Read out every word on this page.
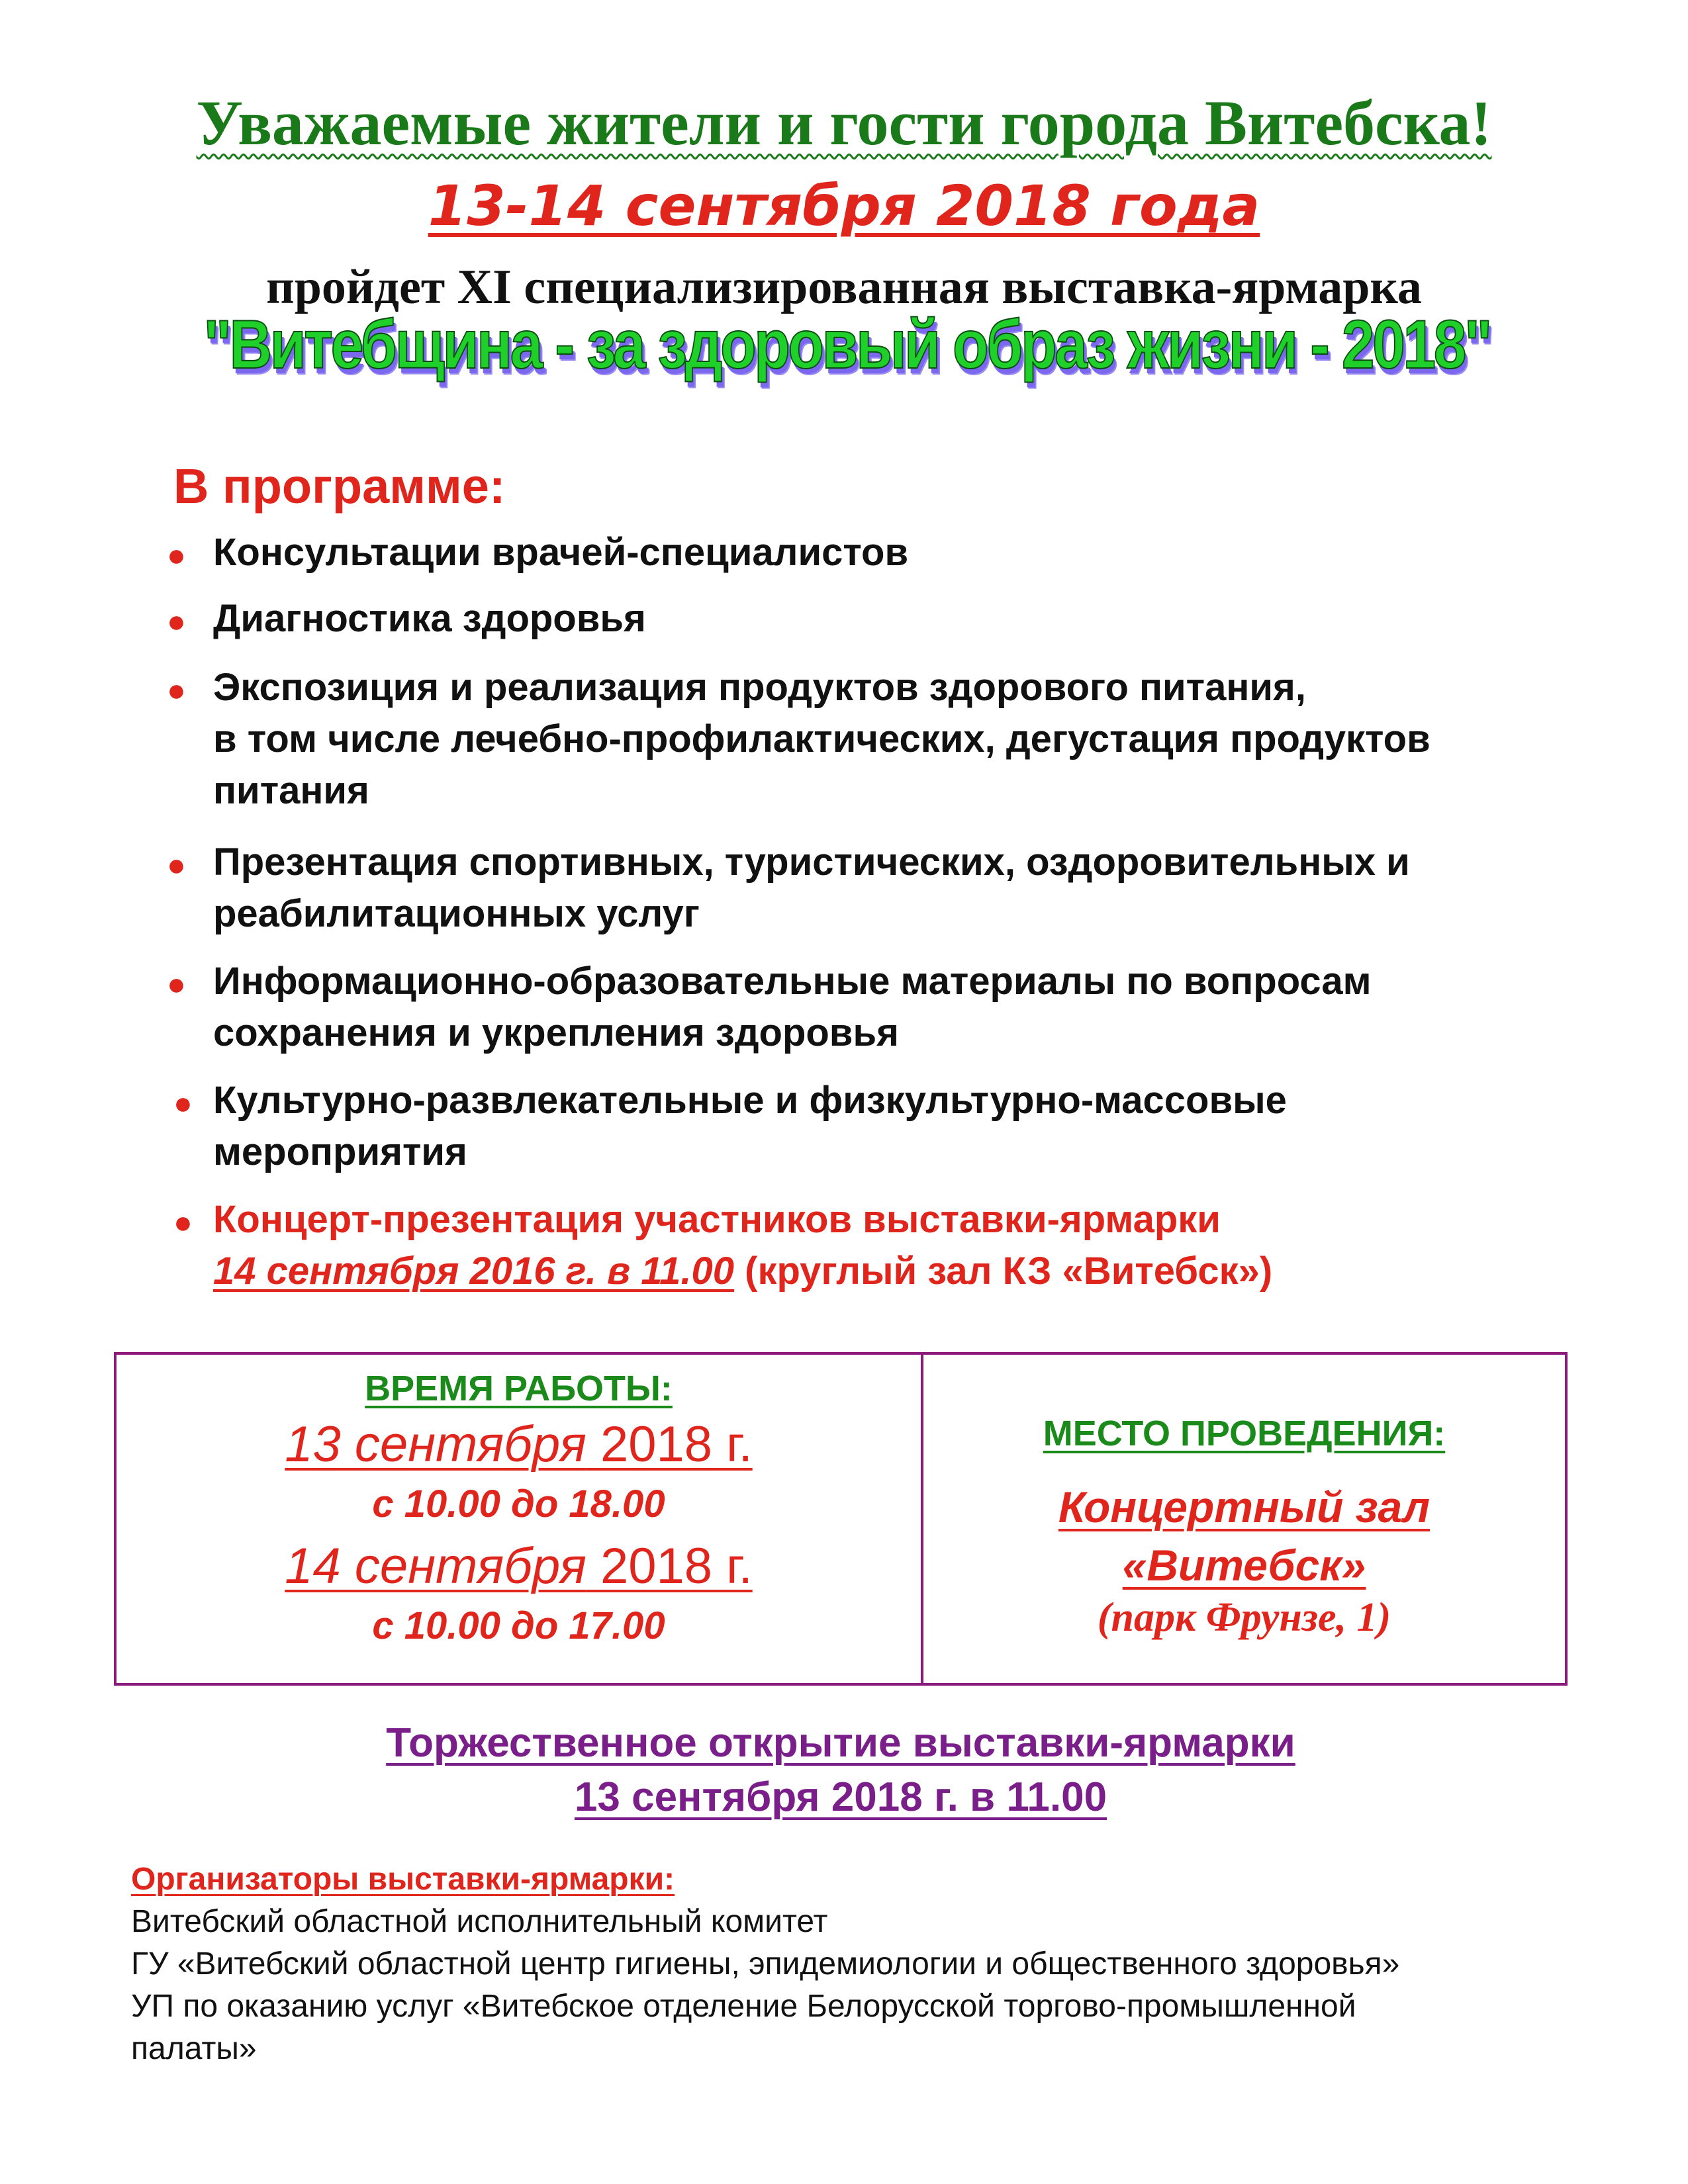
Уважаемые жители и гости города Витебска!
13-14 сентября 2018 года
пройдет XI специализированная выставка-ярмарка
"Витебщина - за здоровый образ жизни - 2018"
В программе:
● Консультации врачей-специалистов
● Диагностика здоровья
● Экспозиция и реализация продуктов здорового питания,
в том числе лечебно-профилактических, дегустация продуктов
питания
● Презентация спортивных, туристических, оздоровительных и
реабилитационных услуг
● Информационно-образовательные материалы по вопросам
сохранения и укрепления здоровья
● Культурно-развлекательные и физкультурно-массовые
мероприятия
● Концерт-презентация участников выставки-ярмарки
14 сентября 2016 г. в 11.00 (круглый зал КЗ «Витебск»)
ВРЕМЯ РАБОТЫ:
13 сентября 2018 г.
с 10.00 до 18.00
14 сентября 2018 г.
с 10.00 до 17.00
МЕСТО ПРОВЕДЕНИЯ:
Концертный зал
«Витебск»
(парк Фрунзе, 1)
Торжественное открытие выставки-ярмарки
13 сентября 2018 г. в 11.00
Организаторы выставки-ярмарки:
Витебский областной исполнительный комитет
ГУ «Витебский областной центр гигиены, эпидемиологии и общественного здоровья»
УП по оказанию услуг «Витебское отделение Белорусской торгово-промышленной
палаты»
